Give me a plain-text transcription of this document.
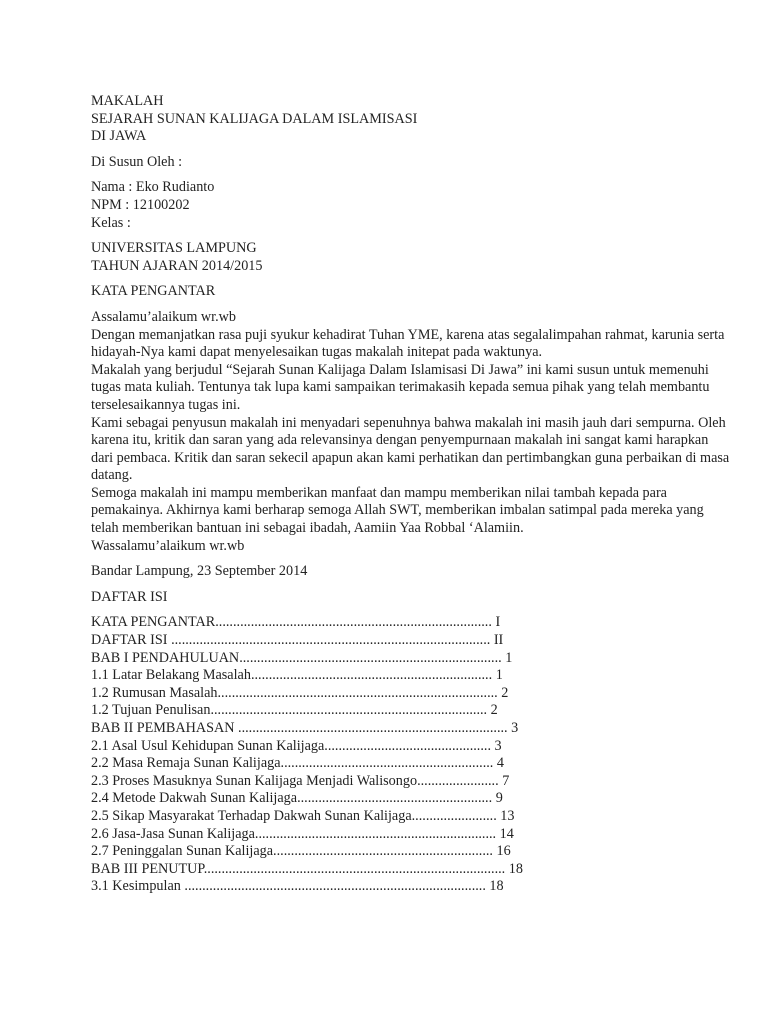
MAKALAH
SEJARAH SUNAN KALIJAGA DALAM ISLAMISASI
DI JAWA
Di Susun Oleh :
Nama : Eko Rudianto
NPM : 12100202
Kelas :
UNIVERSITAS LAMPUNG
TAHUN AJARAN 2014/2015
KATA PENGANTAR
Assalamu’alaikum wr.wb
Dengan memanjatkan rasa puji syukur kehadirat Tuhan YME, karena atas segalalimpahan rahmat, karunia serta hidayah-Nya kami dapat menyelesaikan tugas makalah initepat pada waktunya.
Makalah yang berjudul “Sejarah Sunan Kalijaga Dalam Islamisasi Di Jawa” ini kami susun untuk memenuhi tugas mata kuliah. Tentunya tak lupa kami sampaikan terimakasih kepada semua pihak yang telah membantu terselesaikannya tugas ini.
Kami sebagai penyusun makalah ini menyadari sepenuhnya bahwa makalah ini masih jauh dari sempurna. Oleh karena itu, kritik dan saran yang ada relevansinya dengan penyempurnaan makalah ini sangat kami harapkan dari pembaca. Kritik dan saran sekecil apapun akan kami perhatikan dan pertimbangkan guna perbaikan di masa datang.
Semoga makalah ini mampu memberikan manfaat dan mampu memberikan nilai tambah kepada para pemakainya. Akhirnya kami berharap semoga Allah SWT, memberikan imbalan satimpal pada mereka yang telah memberikan bantuan ini sebagai ibadah, Aamiin Yaa Robbal ‘Alamiin.
Wassalamu’alaikum wr.wb
Bandar Lampung, 23 September 2014
DAFTAR ISI
KATA PENGANTAR.............................................................................. I
DAFTAR ISI .......................................................................................... II
BAB I PENDAHULUAN.......................................................................... 1
1.1 Latar Belakang Masalah.................................................................... 1
1.2 Rumusan Masalah............................................................................... 2
1.2 Tujuan Penulisan.............................................................................. 2
BAB II PEMBAHASAN ............................................................................ 3
2.1 Asal Usul Kehidupan Sunan Kalijaga............................................... 3
2.2 Masa Remaja Sunan Kalijaga............................................................ 4
2.3 Proses Masuknya Sunan Kalijaga Menjadi Walisongo....................... 7
2.4 Metode Dakwah Sunan Kalijaga....................................................... 9
2.5 Sikap Masyarakat Terhadap Dakwah Sunan Kalijaga........................ 13
2.6 Jasa-Jasa Sunan Kalijaga.................................................................... 14
2.7 Peninggalan Sunan Kalijaga.............................................................. 16
BAB III PENUTUP..................................................................................... 18
3.1 Kesimpulan ..................................................................................... 18
